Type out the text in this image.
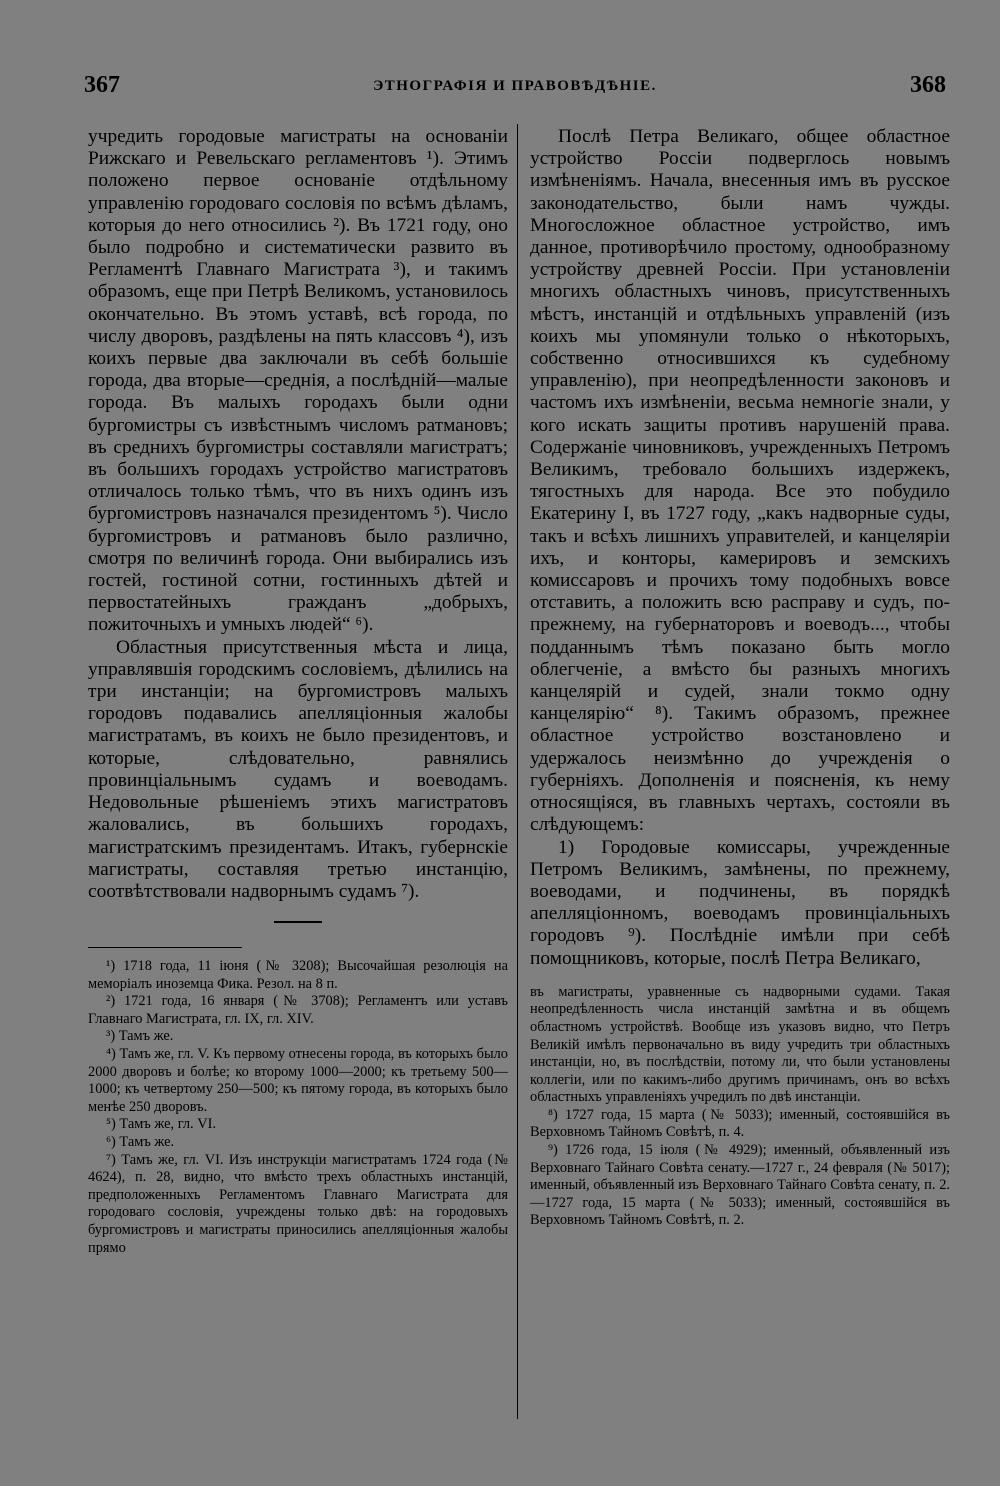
367	ЭТНОГРАФІЯ И ПРАВОВѢДѢНІЕ.	368

учредить городовые магистраты на основаніи Рижскаго и Ревельскаго регламентовъ ¹). Этимъ положено первое основаніе отдѣльному управленію городоваго сословія по всѣмъ дѣламъ, которыя до него относились ²). Въ 1721 году, оно было подробно и систематически развито въ Регламентѣ Главнаго Магистрата ³), и такимъ образомъ, еще при Петрѣ Великомъ, установилось окончательно. Въ этомъ уставѣ, всѣ города, по числу дворовъ, раздѣлены на пять классовъ ⁴), изъ коихъ первые два заключали въ себѣ большіе города, два вторые—среднія, а послѣдній—малые города. Въ малыхъ городахъ были одни бургомистры съ извѣстнымъ числомъ ратмановъ; въ среднихъ бургомистры составляли магистратъ; въ большихъ городахъ устройство магистратовъ отличалось только тѣмъ, что въ нихъ одинъ изъ бургомистровъ назначался президентомъ ⁵). Число бургомистровъ и ратмановъ было различно, смотря по величинѣ города. Они выбирались изъ гостей, гостиной сотни, гостинныхъ дѣтей и первостатейныхъ гражданъ „добрыхъ, пожиточныхъ и умныхъ людей“ ⁶).

Областныя присутственныя мѣста и лица, управлявшія городскимъ сословіемъ, дѣлились на три инстанціи; на бургомистровъ малыхъ городовъ подавались апелляціонныя жалобы магистратамъ, въ коихъ не было президентовъ, и которые, слѣдовательно, равнялись провинціальнымъ судамъ и воеводамъ. Недовольные рѣшеніемъ этихъ магистратовъ жаловались, въ большихъ городахъ, магистратскимъ президентамъ. Итакъ, губернскіе магистраты, составляя третью инстанцію, соотвѣтствовали надворнымъ судамъ ⁷).

¹) 1718 года, 11 іюня (№ 3208); Высочайшая резолюція на мемоpіалъ иноземца Фика. Резол. на 8 п.

²) 1721 года, 16 января (№ 3708); Регламентъ или уставъ Главнаго Магистрата, гл. IX, гл. XIV.

³) Тамъ же.

⁴) Тамъ же, гл. V. Къ первому отнесены города, въ которыхъ было 2000 дворовъ и болѣе; ко второму 1000—2000; къ третьему 500—1000; къ четвертому 250—500; къ пятому города, въ которыхъ было менѣе 250 дворовъ.

⁵) Тамъ же, гл. VI.

⁶) Тамъ же.

⁷) Тамъ же, гл. VI. Изъ инструкціи магистратамъ 1724 года (№ 4624), п. 28, видно, что вмѣсто трехъ областныхъ инстанцій, предположенныхъ Регламентомъ Главнаго Магистрата для городоваго сословія, учреждены только двѣ: на городовыхъ бургомистровъ и магистраты приносились апелляціонныя жалобы прямо

Послѣ Петра Великаго, общее областное устройство Россіи подверглось новымъ измѣненіямъ. Начала, внесенныя имъ въ русское законодательство, были намъ чужды. Многосложное областное устройство, имъ данное, противорѣчило простому, однообразному устройству древней Россіи. При установленіи многихъ областныхъ чиновъ, присутственныхъ мѣстъ, инстанцій и отдѣльныхъ управленій (изъ коихъ мы упомянули только о нѣкоторыхъ, собственно относившихся къ судебному управленію), при неопредѣленности законовъ и частомъ ихъ измѣненіи, весьма немногіе знали, у кого искать защиты противъ нарушеній права. Содержаніе чиновниковъ, учрежденныхъ Петромъ Великимъ, требовало большихъ издержекъ, тягостныхъ для народа. Все это побудило Екатерину I, въ 1727 году, „какъ надворные суды, такъ и всѣхъ лишнихъ управителей, и канцеляріи ихъ, и конторы, камерировъ и земскихъ комиссаровъ и прочихъ тому подобныхъ вовсе отставить, а положить всю расправу и судъ, по-прежнему, на губернаторовъ и воеводъ..., чтобы подданнымъ тѣмъ показано быть могло облегченіе, а вмѣсто бы разныхъ многихъ канцелярій и судей, знали токмо одну канцелярію“ ⁸). Такимъ образомъ, прежнее областное устройство возстановлено и удержалось неизмѣнно до учрежденія о губерніяхъ. Дополненія и поясненія, къ нему относящіяся, въ главныхъ чертахъ, состояли въ слѣдующемъ:

1) Городовые комиссары, учрежденные Петромъ Великимъ, замѣнены, по прежнему, воеводами, и подчинены, въ порядкѣ апелляціонномъ, воеводамъ провинціальныхъ городовъ ⁹). Послѣдніе имѣли при себѣ помощниковъ, которые, послѣ Петра Великаго,

въ магистраты, уравненные съ надворными судами. Такая неопредѣленность числа инстанцій замѣтна и въ общемъ областномъ устройствѣ. Вообще изъ указовъ видно, что Петръ Великій имѣлъ первоначально въ виду учредить три областныхъ инстанціи, но, въ послѣдствіи, потому ли, что были установлены коллегіи, или по какимъ-либо другимъ причинамъ, онъ во всѣхъ областныхъ управленіяхъ учредилъ по двѣ инстанціи.

⁸) 1727 года, 15 марта (№ 5033); именный, состоявшійся въ Верховномъ Тайномъ Совѣтѣ, п. 4.

⁹) 1726 года, 15 іюля (№ 4929); именный, объявленный изъ Верховнаго Тайнаго Совѣта сенату.—1727 г., 24 февраля (№ 5017); именный, объявленный изъ Верховнаго Тайнаго Совѣта сенату, п. 2.—1727 года, 15 марта (№ 5033); именный, состоявшійся въ Верховномъ Тайномъ Совѣтѣ, п. 2.
